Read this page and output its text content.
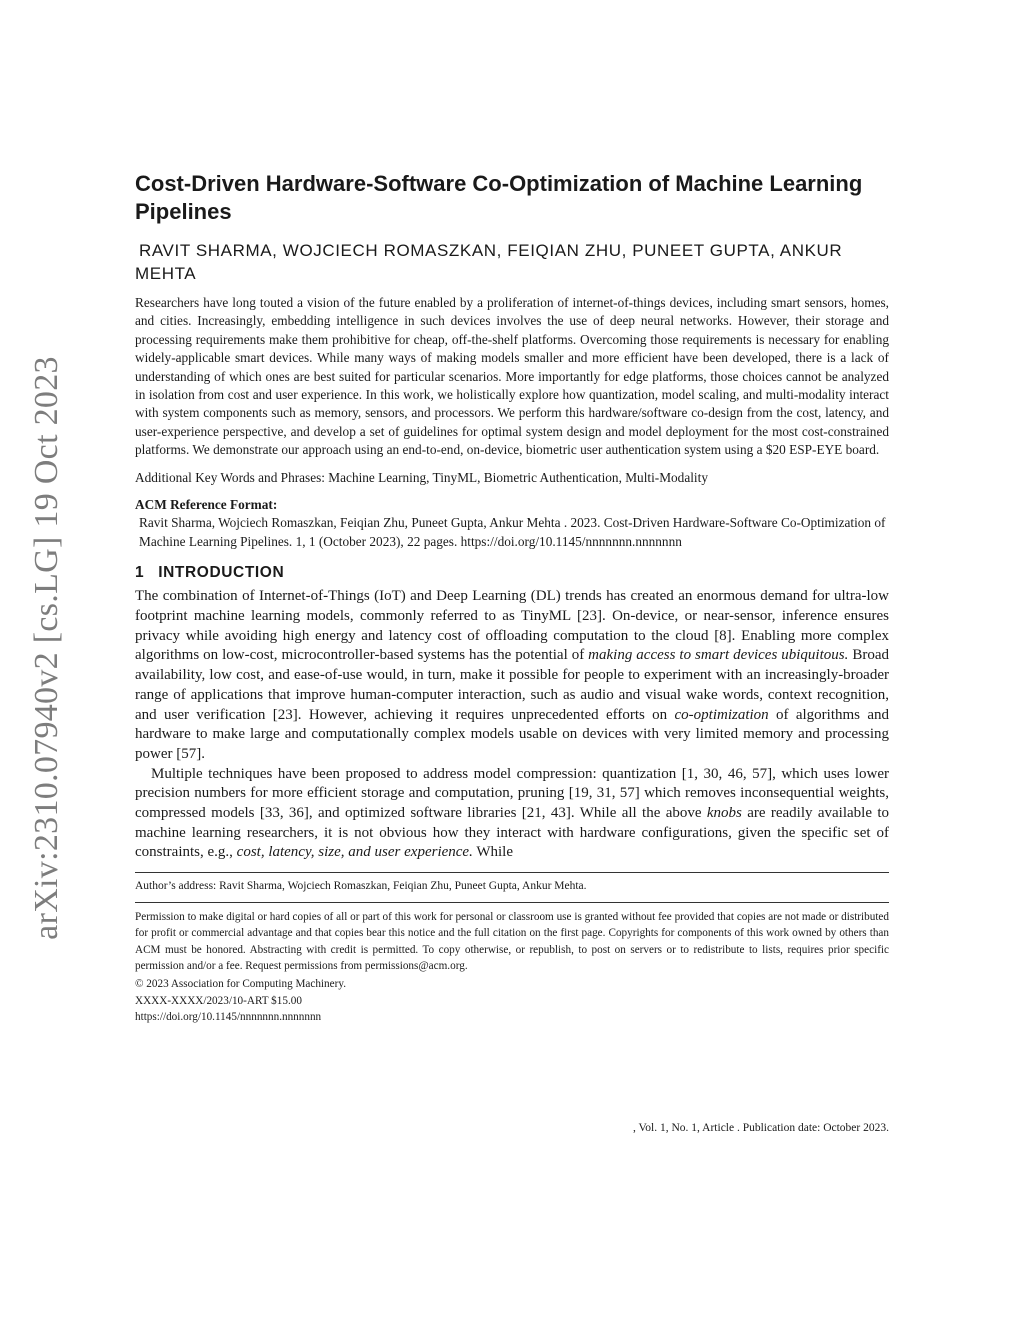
arXiv:2310.07940v2 [cs.LG] 19 Oct 2023
Cost-Driven Hardware-Software Co-Optimization of Machine Learning Pipelines

RAVIT SHARMA, WOJCIECH ROMASZKAN, FEIQIAN ZHU, PUNEET GUPTA, ANKUR MEHTA

Researchers have long touted a vision of the future enabled by a proliferation of internet-of-things devices, including smart sensors, homes, and cities. Increasingly, embedding intelligence in such devices involves the use of deep neural networks. However, their storage and processing requirements make them prohibitive for cheap, off-the-shelf platforms. Overcoming those requirements is necessary for enabling widely-applicable smart devices. While many ways of making models smaller and more efficient have been developed, there is a lack of understanding of which ones are best suited for particular scenarios. More importantly for edge platforms, those choices cannot be analyzed in isolation from cost and user experience. In this work, we holistically explore how quantization, model scaling, and multi-modality interact with system components such as memory, sensors, and processors. We perform this hardware/software co-design from the cost, latency, and user-experience perspective, and develop a set of guidelines for optimal system design and model deployment for the most cost-constrained platforms. We demonstrate our approach using an end-to-end, on-device, biometric user authentication system using a $20 ESP-EYE board.

Additional Key Words and Phrases: Machine Learning, TinyML, Biometric Authentication, Multi-Modality

ACM Reference Format:

Ravit Sharma, Wojciech Romaszkan, Feiqian Zhu, Puneet Gupta, Ankur Mehta . 2023. Cost-Driven Hardware-Software Co-Optimization of Machine Learning Pipelines. 1, 1 (October 2023), 22 pages. https://doi.org/10.1145/nnnnnnn.nnnnnnn

1 INTRODUCTION

The combination of Internet-of-Things (IoT) and Deep Learning (DL) trends has created an enormous demand for ultra-low footprint machine learning models, commonly referred to as TinyML [23]. On-device, or near-sensor, inference ensures privacy while avoiding high energy and latency cost of offloading computation to the cloud [8]. Enabling more complex algorithms on low-cost, microcontroller-based systems has the potential of making access to smart devices ubiquitous. Broad availability, low cost, and ease-of-use would, in turn, make it possible for people to experiment with an increasingly-broader range of applications that improve human-computer interaction, such as audio and visual wake words, context recognition, and user verification [23]. However, achieving it requires unprecedented efforts on co-optimization of algorithms and hardware to make large and computationally complex models usable on devices with very limited memory and processing power [57].

Multiple techniques have been proposed to address model compression: quantization [1, 30, 46, 57], which uses lower precision numbers for more efficient storage and computation, pruning [19, 31, 57] which removes inconsequential weights, compressed models [33, 36], and optimized software libraries [21, 43]. While all the above knobs are readily available to machine learning researchers, it is not obvious how they interact with hardware configurations, given the specific set of constraints, e.g., cost, latency, size, and user experience. While

Author’s address: Ravit Sharma, Wojciech Romaszkan, Feiqian Zhu, Puneet Gupta, Ankur Mehta.

Permission to make digital or hard copies of all or part of this work for personal or classroom use is granted without fee provided that copies are not made or distributed for profit or commercial advantage and that copies bear this notice and the full citation on the first page. Copyrights for components of this work owned by others than ACM must be honored. Abstracting with credit is permitted. To copy otherwise, or republish, to post on servers or to redistribute to lists, requires prior specific permission and/or a fee. Request permissions from permissions@acm.org.

© 2023 Association for Computing Machinery.

XXXX-XXXX/2023/10-ART $15.00

https://doi.org/10.1145/nnnnnnn.nnnnnnn

, Vol. 1, No. 1, Article . Publication date: October 2023.
